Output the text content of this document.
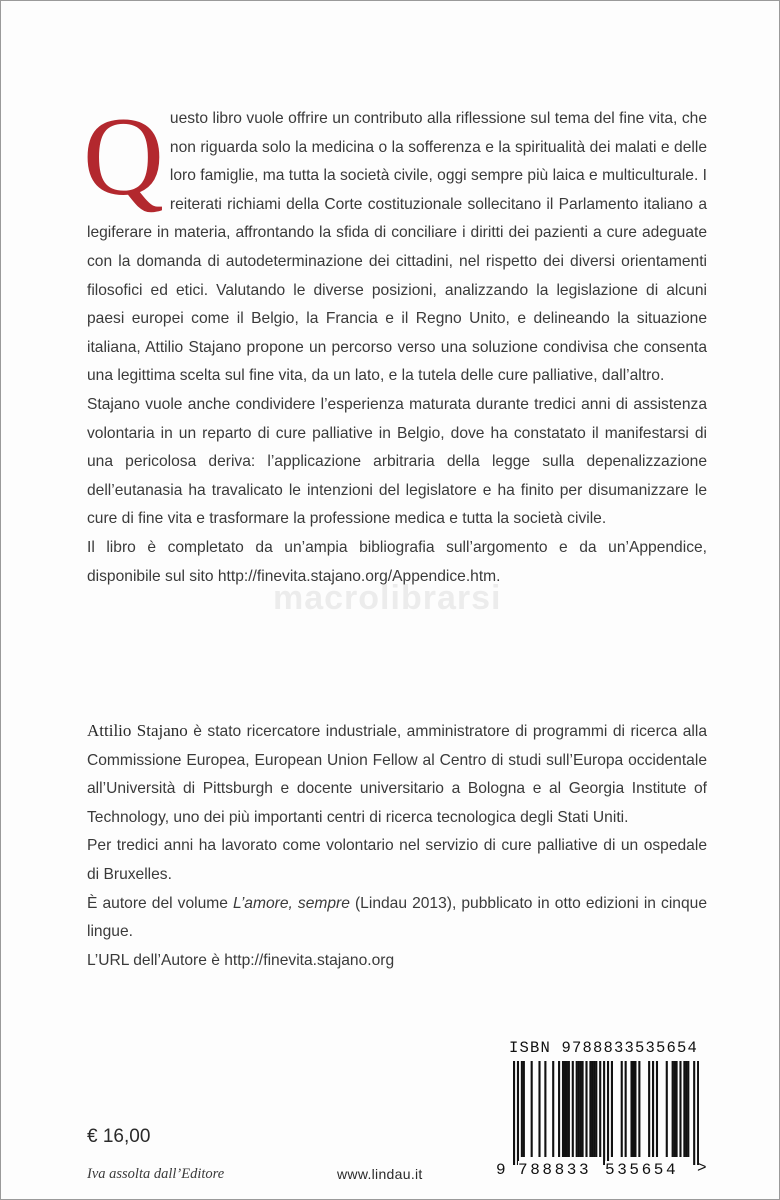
Questo libro vuole offrire un contributo alla riflessione sul tema del fine vita, che non riguarda solo la medicina o la sofferenza e la spiritualità dei malati e delle loro famiglie, ma tutta la società civile, oggi sempre più laica e multiculturale. I reiterati richiami della Corte costituzionale sollecitano il Parlamento italiano a legiferare in materia, affrontando la sfida di conciliare i diritti dei pazienti a cure adeguate con la domanda di autodeterminazione dei cittadini, nel rispetto dei diversi orientamenti filosofici ed etici. Valutando le diverse posizioni, analizzando la legislazione di alcuni paesi europei come il Belgio, la Francia e il Regno Unito, e delineando la situazione italiana, Attilio Stajano propone un percorso verso una soluzione condivisa che consenta una legittima scelta sul fine vita, da un lato, e la tutela delle cure palliative, dall’altro.

Stajano vuole anche condividere l’esperienza maturata durante tredici anni di assistenza volontaria in un reparto di cure palliative in Belgio, dove ha constatato il manifestarsi di una pericolosa deriva: l’applicazione arbitraria della legge sulla depenalizzazione dell’eutanasia ha travalicato le intenzioni del legislatore e ha finito per disumanizzare le cure di fine vita e trasformare la professione medica e tutta la società civile.

Il libro è completato da un’ampia bibliografia sull’argomento e da un’Appendice, disponibile sul sito http://finevita.stajano.org/Appendice.htm.

macrolibrarsi

Attilio Stajano è stato ricercatore industriale, amministratore di programmi di ricerca alla Commissione Europea, European Union Fellow al Centro di studi sull’Europa occidentale all’Università di Pittsburgh e docente universitario a Bologna e al Georgia Institute of Technology, uno dei più importanti centri di ricerca tecnologica degli Stati Uniti.

Per tredici anni ha lavorato come volontario nel servizio di cure palliative di un ospedale di Bruxelles.

È autore del volume L’amore, sempre (Lindau 2013), pubblicato in otto edizioni in cinque lingue.

L’URL dell’Autore è http://finevita.stajano.org

€ 16,00
Iva assolta dall’Editore	www.lindau.it
ISBN 9788833535654
9 788833 535654 >
